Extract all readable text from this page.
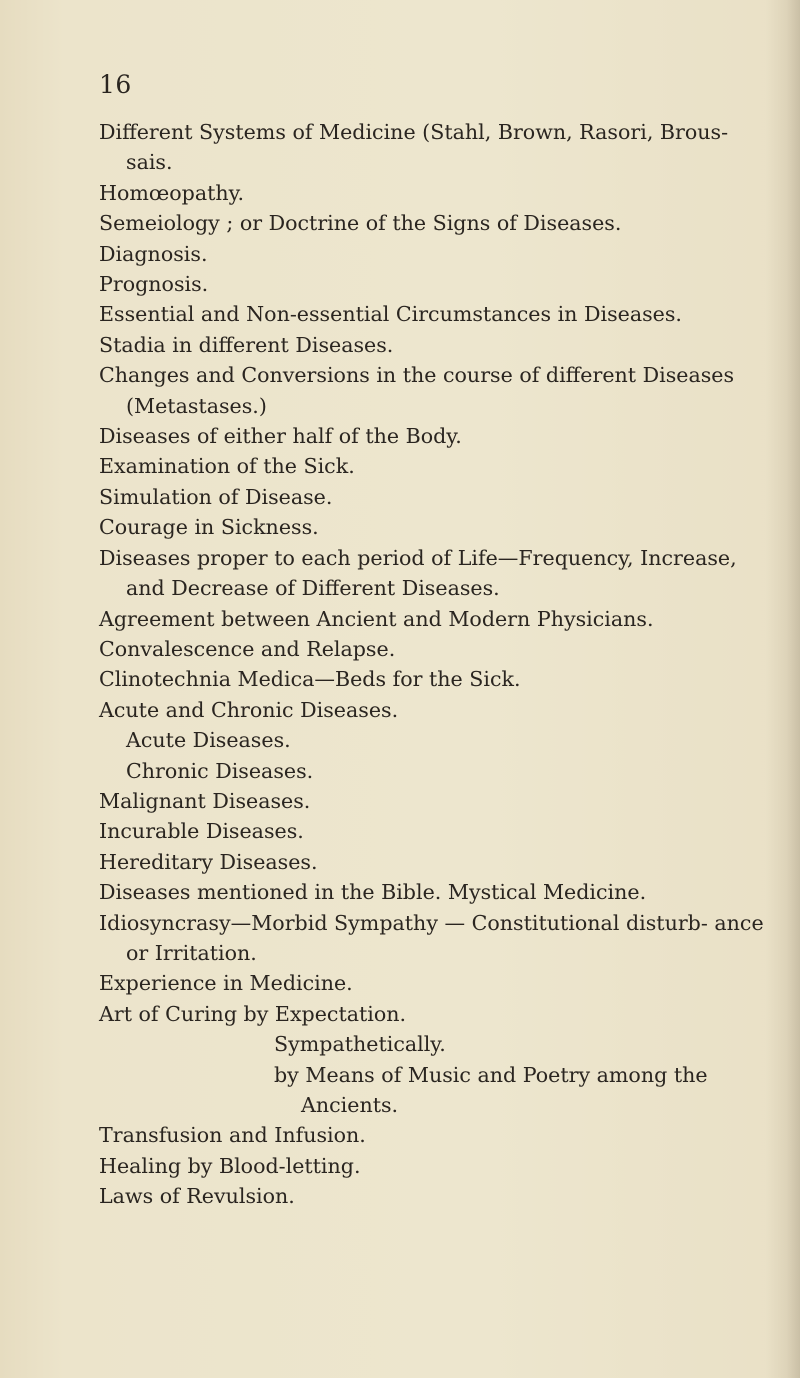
16
Different Systems of Medicine (Stahl, Brown, Rasori, Brous- sais.
Homœopathy.
Semeiology ; or Doctrine of the Signs of Diseases.
Diagnosis.
Prognosis.
Essential and Non-essential Circumstances in Diseases.
Stadia in different Diseases.
Changes and Conversions in the course of different Diseases (Metastases.)
Diseases of either half of the Body.
Examination of the Sick.
Simulation of Disease.
Courage in Sickness.
Diseases proper to each period of Life—Frequency, Increase, and Decrease of Different Diseases.
Agreement between Ancient and Modern Physicians.
Convalescence and Relapse.
Clinotechnia Medica—Beds for the Sick.
Acute and Chronic Diseases.
Acute Diseases.
Chronic Diseases.
Malignant Diseases.
Incurable Diseases.
Hereditary Diseases.
Diseases mentioned in the Bible. Mystical Medicine.
Idiosyncrasy—Morbid Sympathy — Constitutional disturb- ance or Irritation.
Experience in Medicine.
Art of Curing by Expectation.
Sympathetically.
by Means of Music and Poetry among the Ancients.
Transfusion and Infusion.
Healing by Blood-letting.
Laws of Revulsion.
